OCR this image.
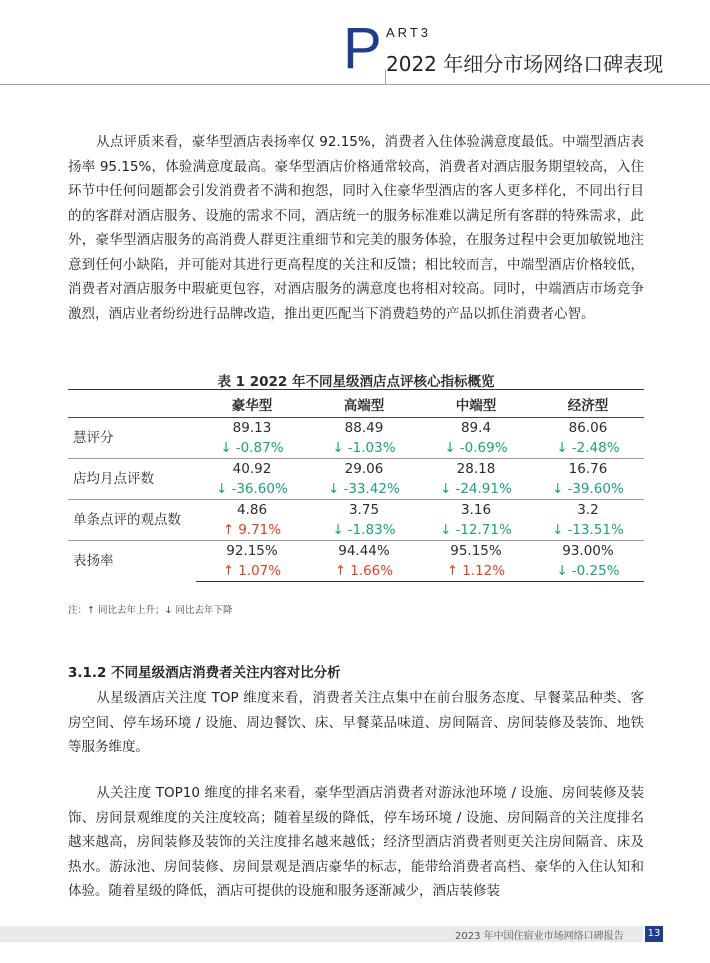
P ART3
2022 年细分市场网络口碑表现

从点评质来看，豪华型酒店表扬率仅 92.15%，消费者入住体验满意度最低。中端型酒店表扬率 95.15%，体验满意度最高。豪华型酒店价格通常较高，消费者对酒店服务期望较高，入住环节中任何问题都会引发消费者不满和抱怨，同时入住豪华型酒店的客人更多样化，不同出行目的的客群对酒店服务、设施的需求不同，酒店统一的服务标准难以满足所有客群的特殊需求，此外，豪华型酒店服务的高消费人群更注重细节和完美的服务体验，在服务过程中会更加敏锐地注意到任何小缺陷，并可能对其进行更高程度的关注和反馈；相比较而言，中端型酒店价格较低，消费者对酒店服务中瑕疵更包容，对酒店服务的满意度也将相对较高。同时，中端酒店市场竞争激烈，酒店业者纷纷进行品牌改造，推出更匹配当下消费趋势的产品以抓住消费者心智。

表 1 2022 年不同星级酒店点评核心指标概览
	豪华型	高端型	中端型	经济型
慧评分	89.13	88.49	89.4	86.06
	↓ -0.87%	↓ -1.03%	↓ -0.69%	↓ -2.48%
店均月点评数	40.92	29.06	28.18	16.76
	↓ -36.60%	↓ -33.42%	↓ -24.91%	↓ -39.60%
单条点评的观点数	4.86	3.75	3.16	3.2
	↑ 9.71%	↓ -1.83%	↓ -12.71%	↓ -13.51%
表扬率	92.15%	94.44%	95.15%	93.00%
	↑ 1.07%	↑ 1.66%	↑ 1.12%	↓ -0.25%
注：↑ 同比去年上升；↓ 同比去年下降
3.1.2 不同星级酒店消费者关注内容对比分析

从星级酒店关注度 TOP 维度来看，消费者关注点集中在前台服务态度、早餐菜品种类、客房空间、停车场环境 / 设施、周边餐饮、床、早餐菜品味道、房间隔音、房间装修及装饰、地铁等服务维度。

从关注度 TOP10 维度的排名来看，豪华型酒店消费者对游泳池环境 / 设施、房间装修及装饰、房间景观维度的关注度较高；随着星级的降低，停车场环境 / 设施、房间隔音的关注度排名越来越高，房间装修及装饰的关注度排名越来越低；经济型酒店消费者则更关注房间隔音、床及热水。游泳池、房间装修、房间景观是酒店豪华的标志，能带给消费者高档、豪华的入住认知和体验。随着星级的降低，酒店可提供的设施和服务逐渐减少，酒店装修装

2023 年中国住宿业市场网络口碑报告 13
